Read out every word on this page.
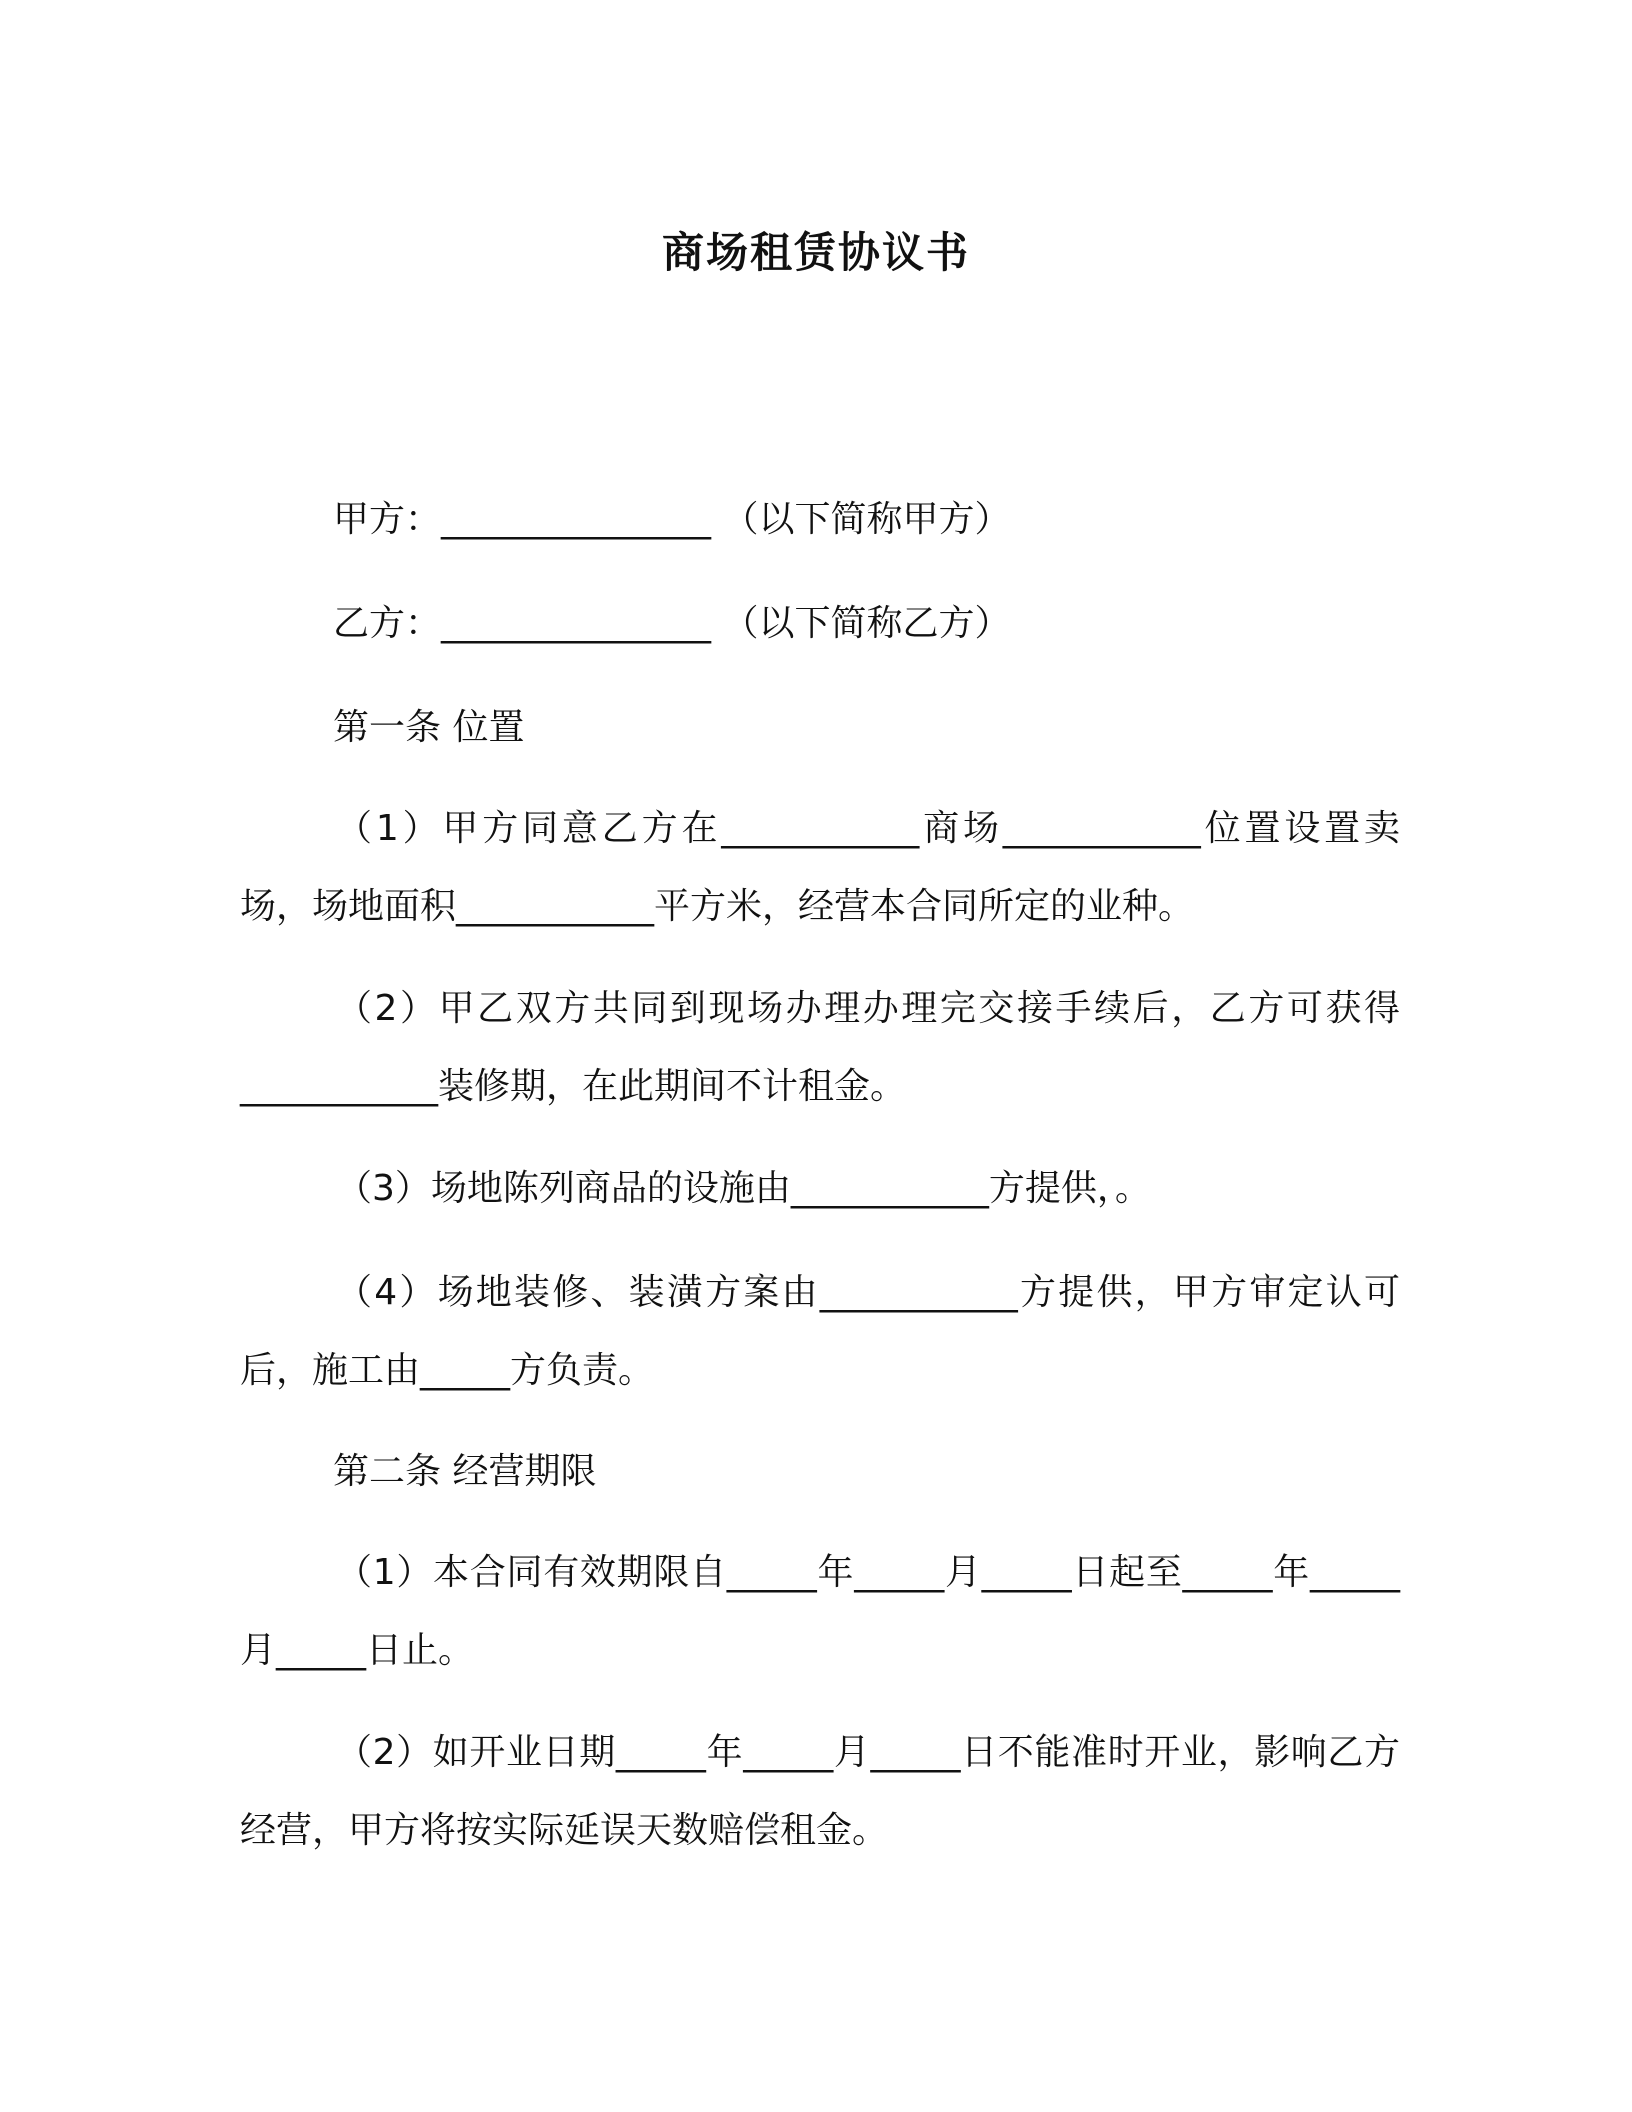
商场租赁协议书
甲方：_______________ （以下简称甲方）
乙方：_______________ （以下简称乙方）
第一条 位置
（1）甲方同意乙方在___________商场___________位置设置卖场，场地面积___________平方米，经营本合同所定的业种。
（2）甲乙双方共同到现场办理办理完交接手续后，乙方可获得___________装修期，在此期间不计租金。
（3）场地陈列商品的设施由___________方提供，。
（4）场地装修、装潢方案由___________方提供，甲方审定认可后，施工由_____方负责。
第二条 经营期限
（1）本合同有效期限自_____年_____月_____日起至_____年_____月_____日止。
（2）如开业日期_____年_____月_____日不能准时开业，影响乙方经营，甲方将按实际延误天数赔偿租金。
